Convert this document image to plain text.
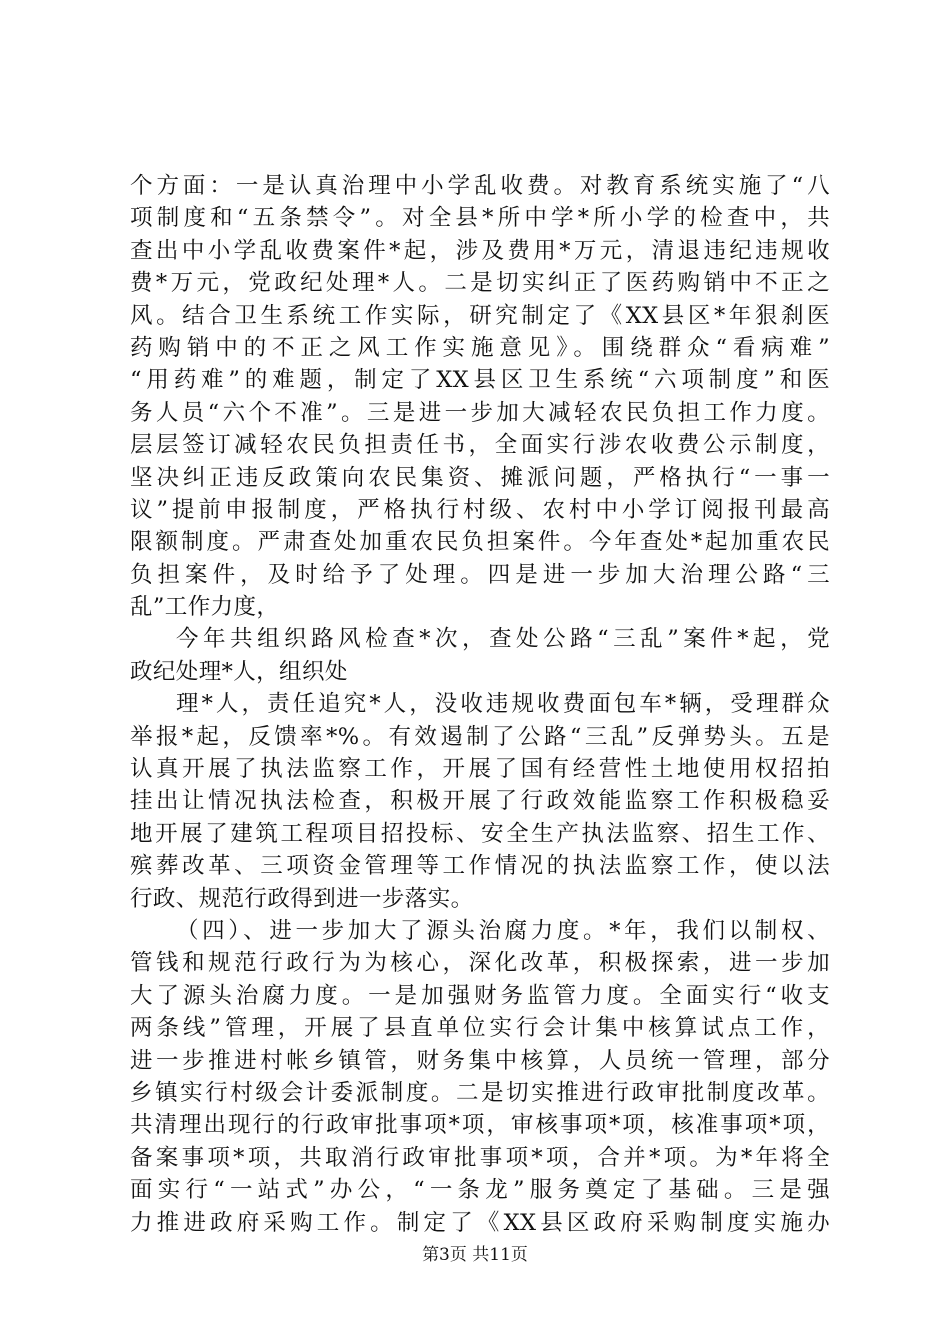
个方面：一是认真治理中小学乱收费。对教育系统实施了“八
项制度和“五条禁令”。对全县*所中学*所小学的检查中，共
查出中小学乱收费案件*起，涉及费用*万元，清退违纪违规收
费*万元，党政纪处理*人。二是切实纠正了医药购销中不正之
风。结合卫生系统工作实际，研究制定了《XX县区*年狠刹医
药购销中的不正之风工作实施意见》。围绕群众“看病难”
“用药难”的难题，制定了XX县区卫生系统“六项制度”和医
务人员“六个不准”。三是进一步加大减轻农民负担工作力度。
层层签订减轻农民负担责任书，全面实行涉农收费公示制度，
坚决纠正违反政策向农民集资、摊派问题，严格执行“一事一
议”提前申报制度，严格执行村级、农村中小学订阅报刊最高
限额制度。严肃查处加重农民负担案件。今年查处*起加重农民
负担案件，及时给予了处理。四是进一步加大治理公路“三
乱”工作力度，
今年共组织路风检查*次，查处公路“三乱”案件*起，党
政纪处理*人，组织处
理*人，责任追究*人，没收违规收费面包车*辆，受理群众
举报*起，反馈率*%。有效遏制了公路“三乱”反弹势头。五是
认真开展了执法监察工作，开展了国有经营性土地使用权招拍
挂出让情况执法检查，积极开展了行政效能监察工作积极稳妥
地开展了建筑工程项目招投标、安全生产执法监察、招生工作、
殡葬改革、三项资金管理等工作情况的执法监察工作，使以法
行政、规范行政得到进一步落实。
（四）、进一步加大了源头治腐力度。*年，我们以制权、
管钱和规范行政行为为核心，深化改革，积极探索，进一步加
大了源头治腐力度。一是加强财务监管力度。全面实行“收支
两条线”管理，开展了县直单位实行会计集中核算试点工作，
进一步推进村帐乡镇管，财务集中核算，人员统一管理，部分
乡镇实行村级会计委派制度。二是切实推进行政审批制度改革。
共清理出现行的行政审批事项*项，审核事项*项，核准事项*项，
备案事项*项，共取消行政审批事项*项，合并*项。为*年将全
面实行“一站式”办公，“一条龙”服务奠定了基础。三是强
力推进政府采购工作。制定了《XX县区政府采购制度实施办
第3页 共11页
